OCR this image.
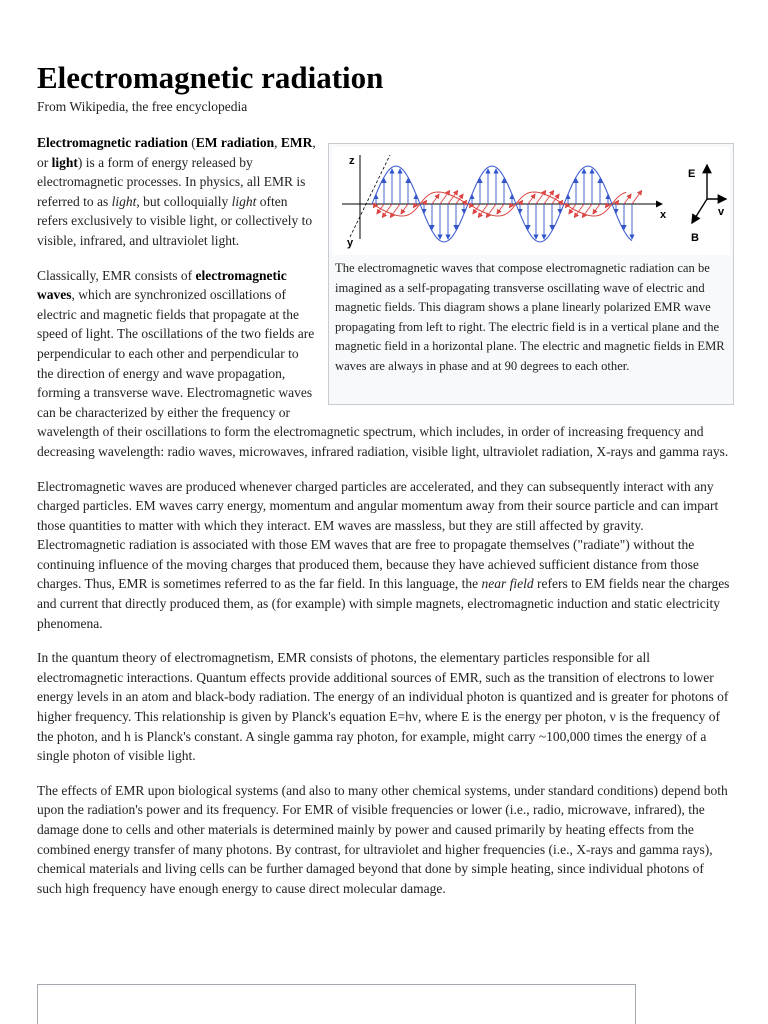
Electromagnetic radiation
From Wikipedia, the free encyclopedia
z
x
y
E
v
B
The electromagnetic waves that compose electromagnetic radiation can be imagined as a self-propagating transverse oscillating wave of electric and magnetic fields. This diagram shows a plane linearly polarized EMR wave propagating from left to right. The electric field is in a vertical plane and the magnetic field in a horizontal plane. The electric and magnetic fields in EMR waves are always in phase and at 90 degrees to each other.

Electromagnetic radiation (EM radiation, EMR, or light) is a form of energy released by electromagnetic processes. In physics, all EMR is referred to as light, but colloquially light often refers exclusively to visible light, or collectively to visible, infrared, and ultraviolet light.

Classically, EMR consists of electromagnetic waves, which are synchronized oscillations of electric and magnetic fields that propagate at the speed of light. The oscillations of the two fields are perpendicular to each other and perpendicular to the direction of energy and wave propagation, forming a transverse wave. Electromagnetic waves can be characterized by either the frequency or wavelength of their oscillations to form the electromagnetic spectrum, which includes, in order of increasing frequency and decreasing wavelength: radio waves, microwaves, infrared radiation, visible light, ultraviolet radiation, X-rays and gamma rays.

Electromagnetic waves are produced whenever charged particles are accelerated, and they can subsequently interact with any charged particles. EM waves carry energy, momentum and angular momentum away from their source particle and can impart those quantities to matter with which they interact. EM waves are massless, but they are still affected by gravity. Electromagnetic radiation is associated with those EM waves that are free to propagate themselves ("radiate") without the continuing influence of the moving charges that produced them, because they have achieved sufficient distance from those charges. Thus, EMR is sometimes referred to as the far field. In this language, the near field refers to EM fields near the charges and current that directly produced them, as (for example) with simple magnets, electromagnetic induction and static electricity phenomena.

In the quantum theory of electromagnetism, EMR consists of photons, the elementary particles responsible for all electromagnetic interactions. Quantum effects provide additional sources of EMR, such as the transition of electrons to lower energy levels in an atom and black-body radiation. The energy of an individual photon is quantized and is greater for photons of higher frequency. This relationship is given by Planck's equation E=hν, where E is the energy per photon, ν is the frequency of the photon, and h is Planck's constant. A single gamma ray photon, for example, might carry ~100,000 times the energy of a single photon of visible light.

The effects of EMR upon biological systems (and also to many other chemical systems, under standard conditions) depend both upon the radiation's power and its frequency. For EMR of visible frequencies or lower (i.e., radio, microwave, infrared), the damage done to cells and other materials is determined mainly by power and caused primarily by heating effects from the combined energy transfer of many photons. By contrast, for ultraviolet and higher frequencies (i.e., X-rays and gamma rays), chemical materials and living cells can be further damaged beyond that done by simple heating, since individual photons of such high frequency have enough energy to cause direct molecular damage.
